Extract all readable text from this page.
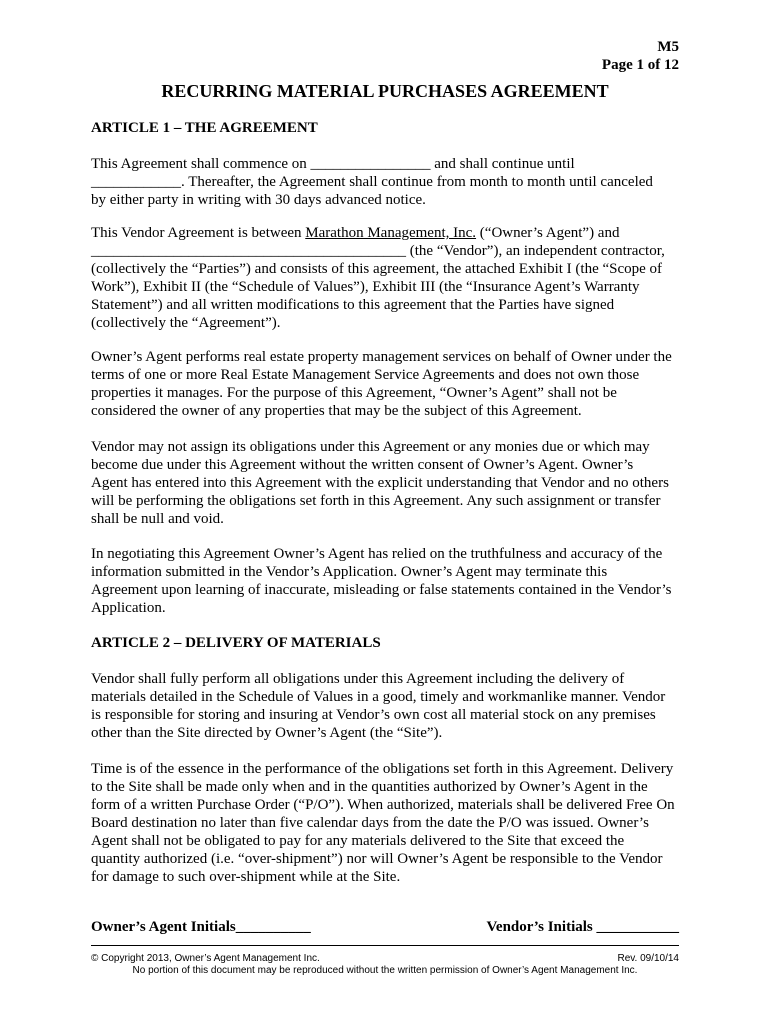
M5
Page 1 of 12
RECURRING MATERIAL PURCHASES AGREEMENT
ARTICLE 1 – THE AGREEMENT
This Agreement shall commence on ________________ and shall continue until
____________. Thereafter, the Agreement shall continue from month to month until canceled
by either party in writing with 30 days advanced notice.
This Vendor Agreement is between Marathon Management, Inc. (“Owner’s Agent”) and
__________________________________________ (the “Vendor”), an independent contractor,
(collectively the “Parties”) and consists of this agreement, the attached Exhibit I (the “Scope of
Work”), Exhibit II (the “Schedule of Values”), Exhibit III (the “Insurance Agent’s Warranty
Statement”) and all written modifications to this agreement that the Parties have signed
(collectively the “Agreement”).
Owner’s Agent performs real estate property management services on behalf of Owner under the
terms of one or more Real Estate Management Service Agreements and does not own those
properties it manages. For the purpose of this Agreement, “Owner’s Agent” shall not be
considered the owner of any properties that may be the subject of this Agreement.
Vendor may not assign its obligations under this Agreement or any monies due or which may
become due under this Agreement without the written consent of Owner’s Agent. Owner’s
Agent has entered into this Agreement with the explicit understanding that Vendor and no others
will be performing the obligations set forth in this Agreement. Any such assignment or transfer
shall be null and void.
In negotiating this Agreement Owner’s Agent has relied on the truthfulness and accuracy of the
information submitted in the Vendor’s Application. Owner’s Agent may terminate this
Agreement upon learning of inaccurate, misleading or false statements contained in the Vendor’s
Application.
ARTICLE 2 – DELIVERY OF MATERIALS
Vendor shall fully perform all obligations under this Agreement including the delivery of
materials detailed in the Schedule of Values in a good, timely and workmanlike manner. Vendor
is responsible for storing and insuring at Vendor’s own cost all material stock on any premises
other than the Site directed by Owner’s Agent (the “Site”).
Time is of the essence in the performance of the obligations set forth in this Agreement. Delivery
to the Site shall be made only when and in the quantities authorized by Owner’s Agent in the
form of a written Purchase Order (“P/O”). When authorized, materials shall be delivered Free On
Board destination no later than five calendar days from the date the P/O was issued. Owner’s
Agent shall not be obligated to pay for any materials delivered to the Site that exceed the
quantity authorized (i.e. “over-shipment”) nor will Owner’s Agent be responsible to the Vendor
for damage to such over-shipment while at the Site.
Owner’s Agent Initials__________	Vendor’s Initials ___________
© Copyright 2013, Owner’s Agent Management Inc.	Rev. 09/10/14
No portion of this document may be reproduced without the written permission of Owner’s Agent Management Inc.
